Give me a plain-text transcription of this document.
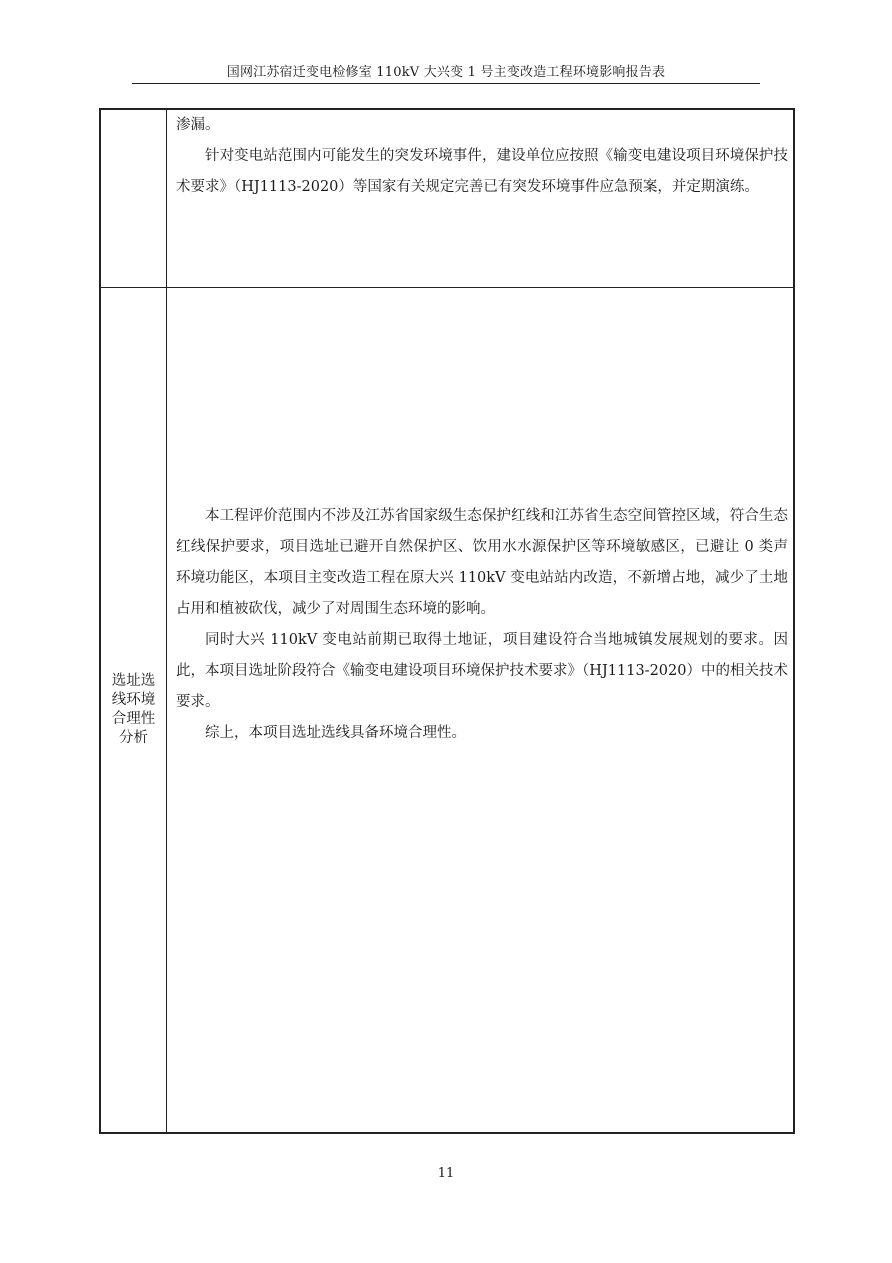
国网江苏宿迁变电检修室 110kV 大兴变 1 号主变改造工程环境影响报告表

渗漏。

针对变电站范围内可能发生的突发环境事件，建设单位应按照《输变电建设项目环境保护技术要求》（HJ1113-2020）等国家有关规定完善已有突发环境事件应急预案，并定期演练。

选址选
线环境
合理性
分析

本工程评价范围内不涉及江苏省国家级生态保护红线和江苏省生态空间管控区域，符合生态红线保护要求，项目选址已避开自然保护区、饮用水水源保护区等环境敏感区，已避让 0 类声环境功能区，本项目主变改造工程在原大兴 110kV 变电站站内改造，不新增占地，减少了土地占用和植被砍伐，减少了对周围生态环境的影响。

同时大兴 110kV 变电站前期已取得土地证，项目建设符合当地城镇发展规划的要求。因此，本项目选址阶段符合《输变电建设项目环境保护技术要求》（HJ1113-2020）中的相关技术要求。

综上，本项目选址选线具备环境合理性。

11
